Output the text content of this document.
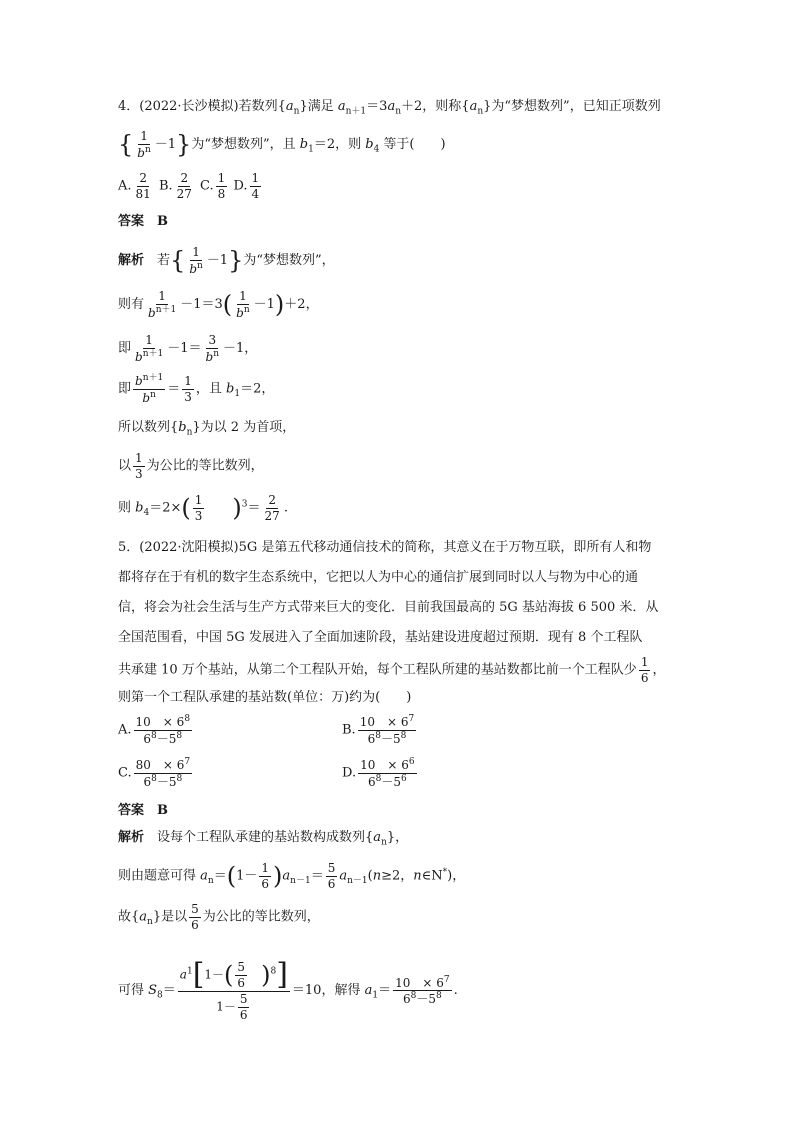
4．(2022·长沙模拟)若数列$\{a_n\}$满足 $a_{n+1}=3a_n+2$，则称$\{a_n\}$为“梦想数列”，已知正项数列
{ $\frac{1}{b^n} -1$}为“梦想数列”，且 $b_1=2$，则 $b_4$ 等于(　　)
A. $\frac{2}{81} B$. $\frac{2}{27} C$. $\frac{1}{8} D$. $\frac{1}{4}$
答案　B
解析　若{ $\frac{1}{b^n} -1$}为“梦想数列”，
则有 $\frac{1}{b^{n+1}} -1=3( \frac{1}{b^n} -1)+2$，
即 $\frac{1}{b^{n+1}} -1= \frac{3}{b^n} -1$，
即 $\frac{b^{n+1}}{b^n} = \frac{1}{3}$ ，且 $b_1=2$，
所以数列$\{b_n\}$为以 2 为首项，
以 $\frac{1}{3}$ 为公比的等比数列，
则 $b_4=2\times( \frac{1}{3}$
　　 )$^3= \frac{2}{27}$ .
5．(2022·沈阳模拟)5G 是第五代移动通信技术的简称，其意义在于万物互联，即所有人和物
都将存在于有机的数字生态系统中，它把以人为中心的通信扩展到同时以人与物为中心的通
信，将会为社会生活与生产方式带来巨大的变化．目前我国最高的 5G 基站海拔 6 500 米．从
全国范围看，中国 5G 发展进入了全面加速阶段，基站建设进度超过预期．现有 8 个工程队
共承建 10 万个基站，从第二个工程队开始，每个工程队所建的基站数都比前一个工程队少 $\frac{1}{6}$ ，
则第一个工程队承建的基站数(单位：万)约为(　　)
A. $\frac{10 \times 6^8}{6^8-5^8}$	B. $\frac{10 \times 6^7}{6^8-5^8}$
C. $\frac{80 \times 6^7}{6^8-5^8}$	D. $\frac{10 \times 6^6}{6^8-5^6}$
答案　B
解析　设每个工程队承建的基站数构成数列$\{a_n\}$，
则由题意可得 $a_n=(1- \frac{1}{6} )a_{n-1}= \frac{5}{6} a_{n-1}(n\ge 2$，n∈N*)，
故$\{a_n\}$是以 $\frac{5}{6}$ 为公比的等比数列，
可得 $S_8= a^1[1-( \frac{5}{6}$
　 )$^8$]
$1- \frac{5}{6} =10$，解得 $a_1= \frac{10 \times 6^7}{6^8-5^8}$ .
